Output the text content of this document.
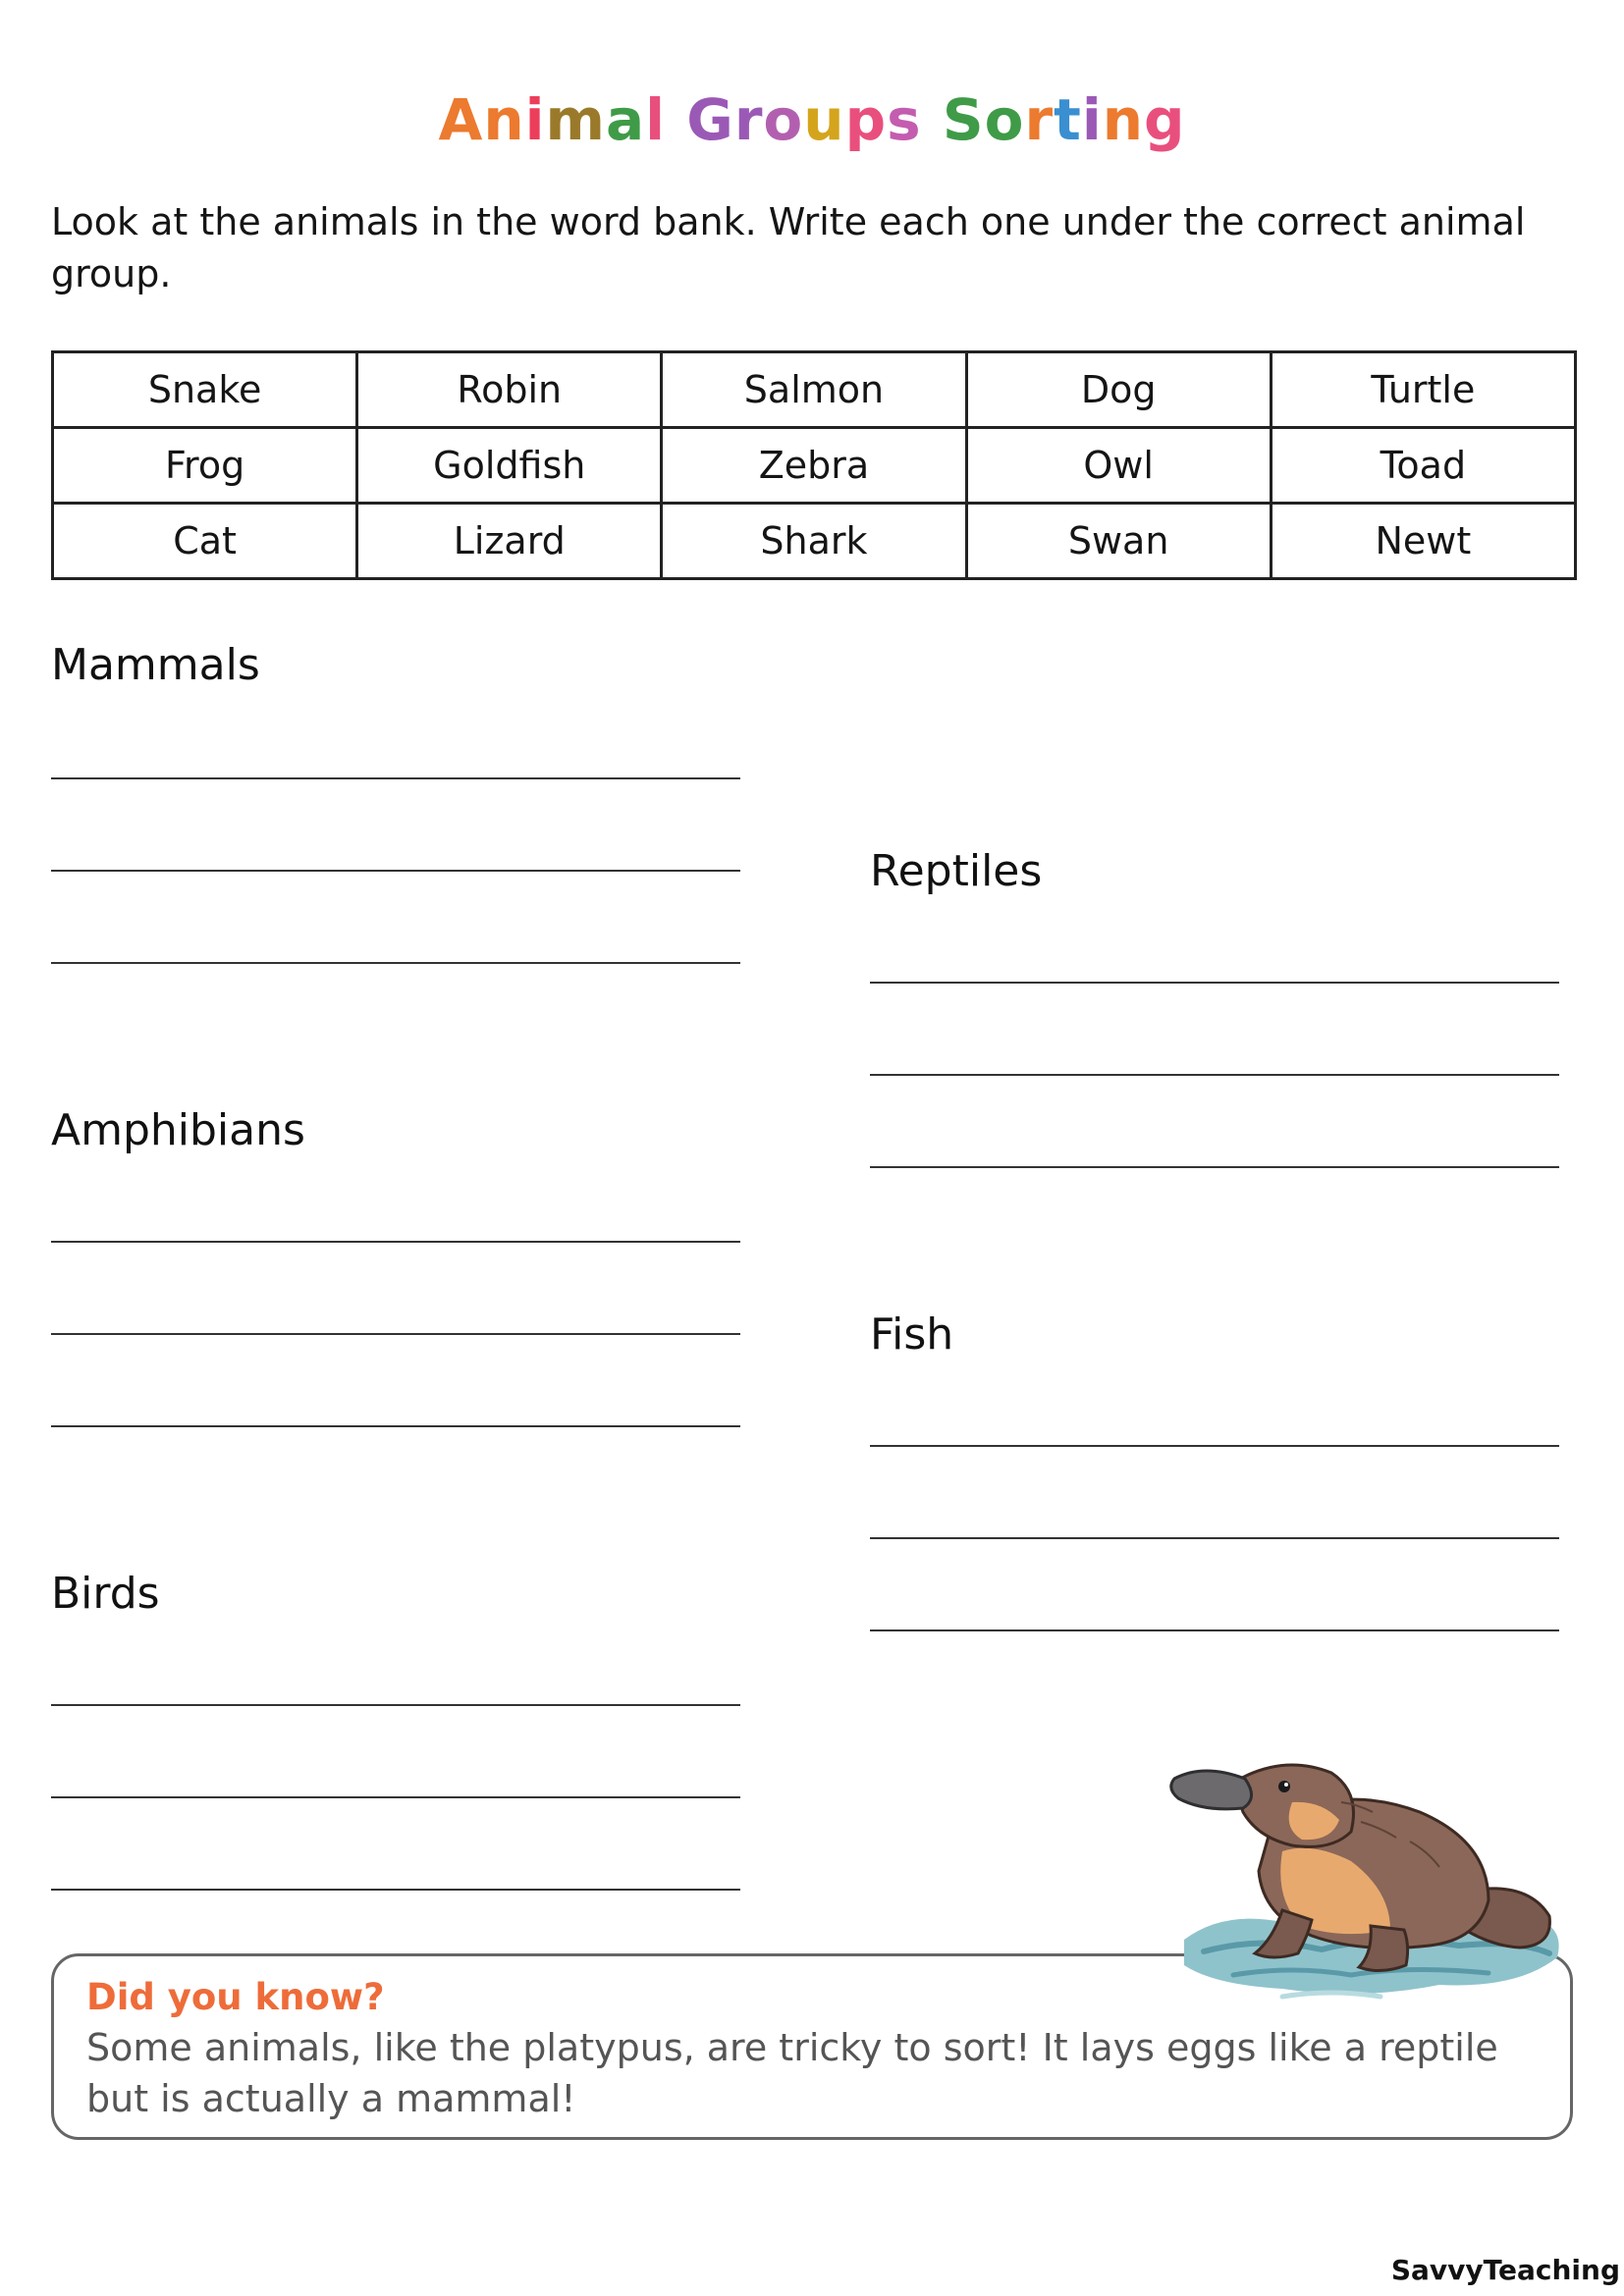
Animal Groups Sorting
Look at the animals in the word bank. Write each one under the correct animal group.
Snake	Robin	Salmon	Dog	Turtle
Frog	Goldfish	Zebra	Owl	Toad
Cat	Lizard	Shark	Swan	Newt
Mammals
Amphibians
Birds
Reptiles
Fish
Did you know?
Some animals, like the platypus, are tricky to sort! It lays eggs like a reptile but is actually a mammal!
SavvyTeaching
